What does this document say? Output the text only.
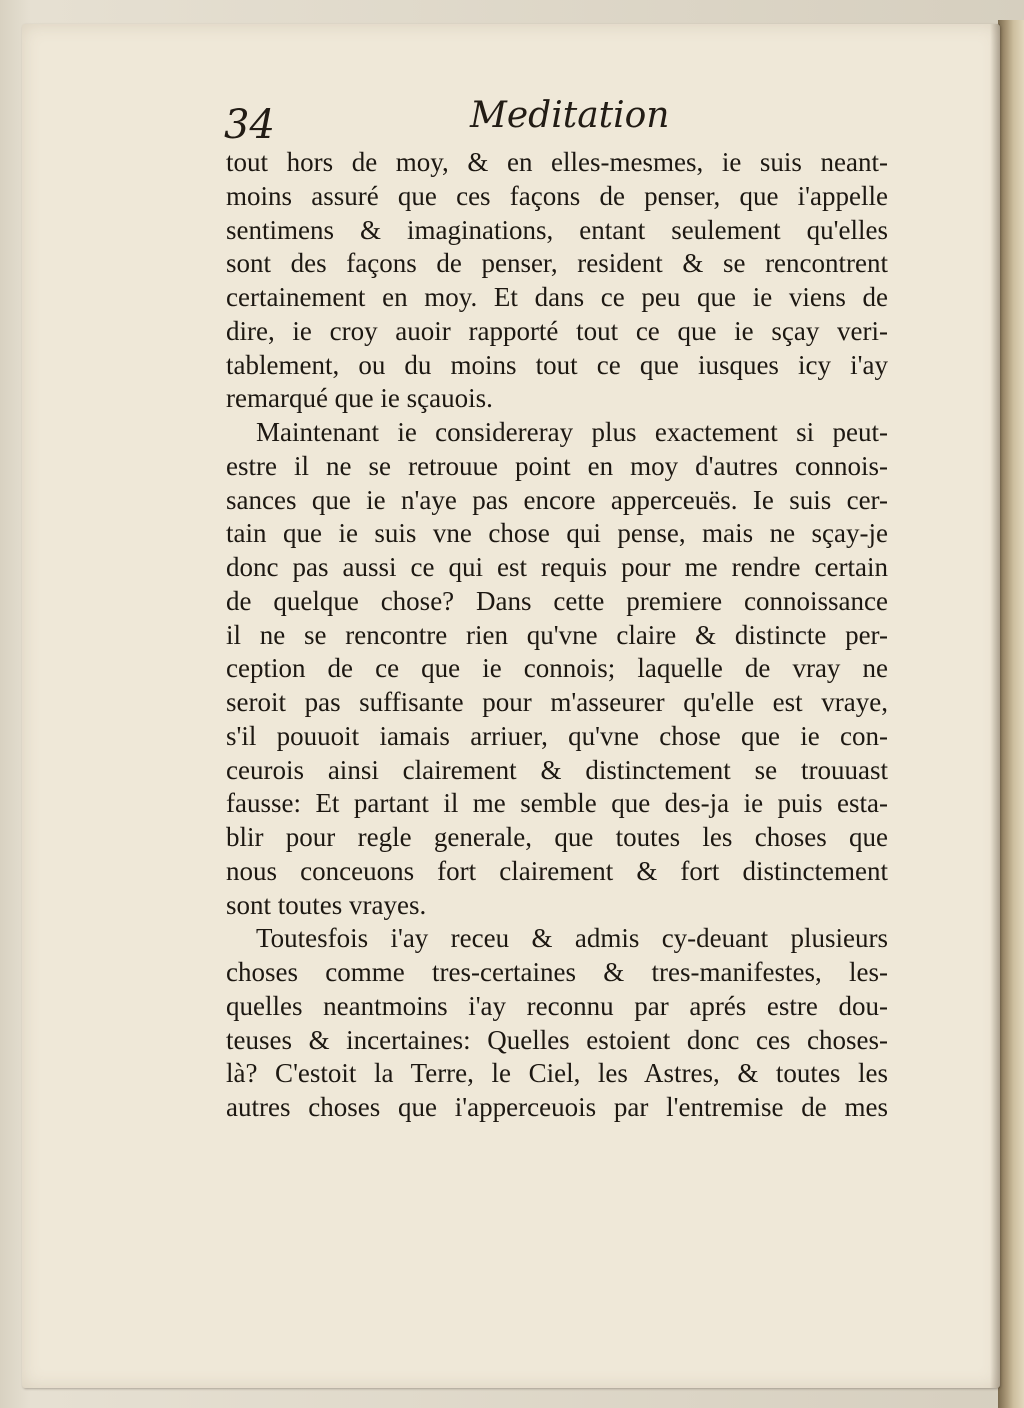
34	Meditation

tout hors de moy, & en elles-mesmes, ie suis neant-
moins assuré que ces façons de penser, que i'appelle
sentimens & imaginations, entant seulement qu'elles
sont des façons de penser, resident & se rencontrent
certainement en moy. Et dans ce peu que ie viens de
dire, ie croy auoir rapporté tout ce que ie sçay veri-
tablement, ou du moins tout ce que iusques icy i'ay
remarqué que ie sçauois.

Maintenant ie considereray plus exactement si peut-
estre il ne se retrouue point en moy d'autres connois-
sances que ie n'aye pas encore apperceuës. Ie suis cer-
tain que ie suis vne chose qui pense, mais ne sçay-je
donc pas aussi ce qui est requis pour me rendre certain
de quelque chose? Dans cette premiere connoissance
il ne se rencontre rien qu'vne claire & distincte per-
ception de ce que ie connois; laquelle de vray ne
seroit pas suffisante pour m'asseurer qu'elle est vraye,
s'il pouuoit iamais arriuer, qu'vne chose que ie con-
ceurois ainsi clairement & distinctement se trouuast
fausse: Et partant il me semble que des-ja ie puis esta-
blir pour regle generale, que toutes les choses que
nous conceuons fort clairement & fort distinctement
sont toutes vrayes.

Toutesfois i'ay receu & admis cy-deuant plusieurs
choses comme tres-certaines & tres-manifestes, les-
quelles neantmoins i'ay reconnu par aprés estre dou-
teuses & incertaines: Quelles estoient donc ces choses-
là? C'estoit la Terre, le Ciel, les Astres, & toutes les
autres choses que i'apperceuois par l'entremise de mes
